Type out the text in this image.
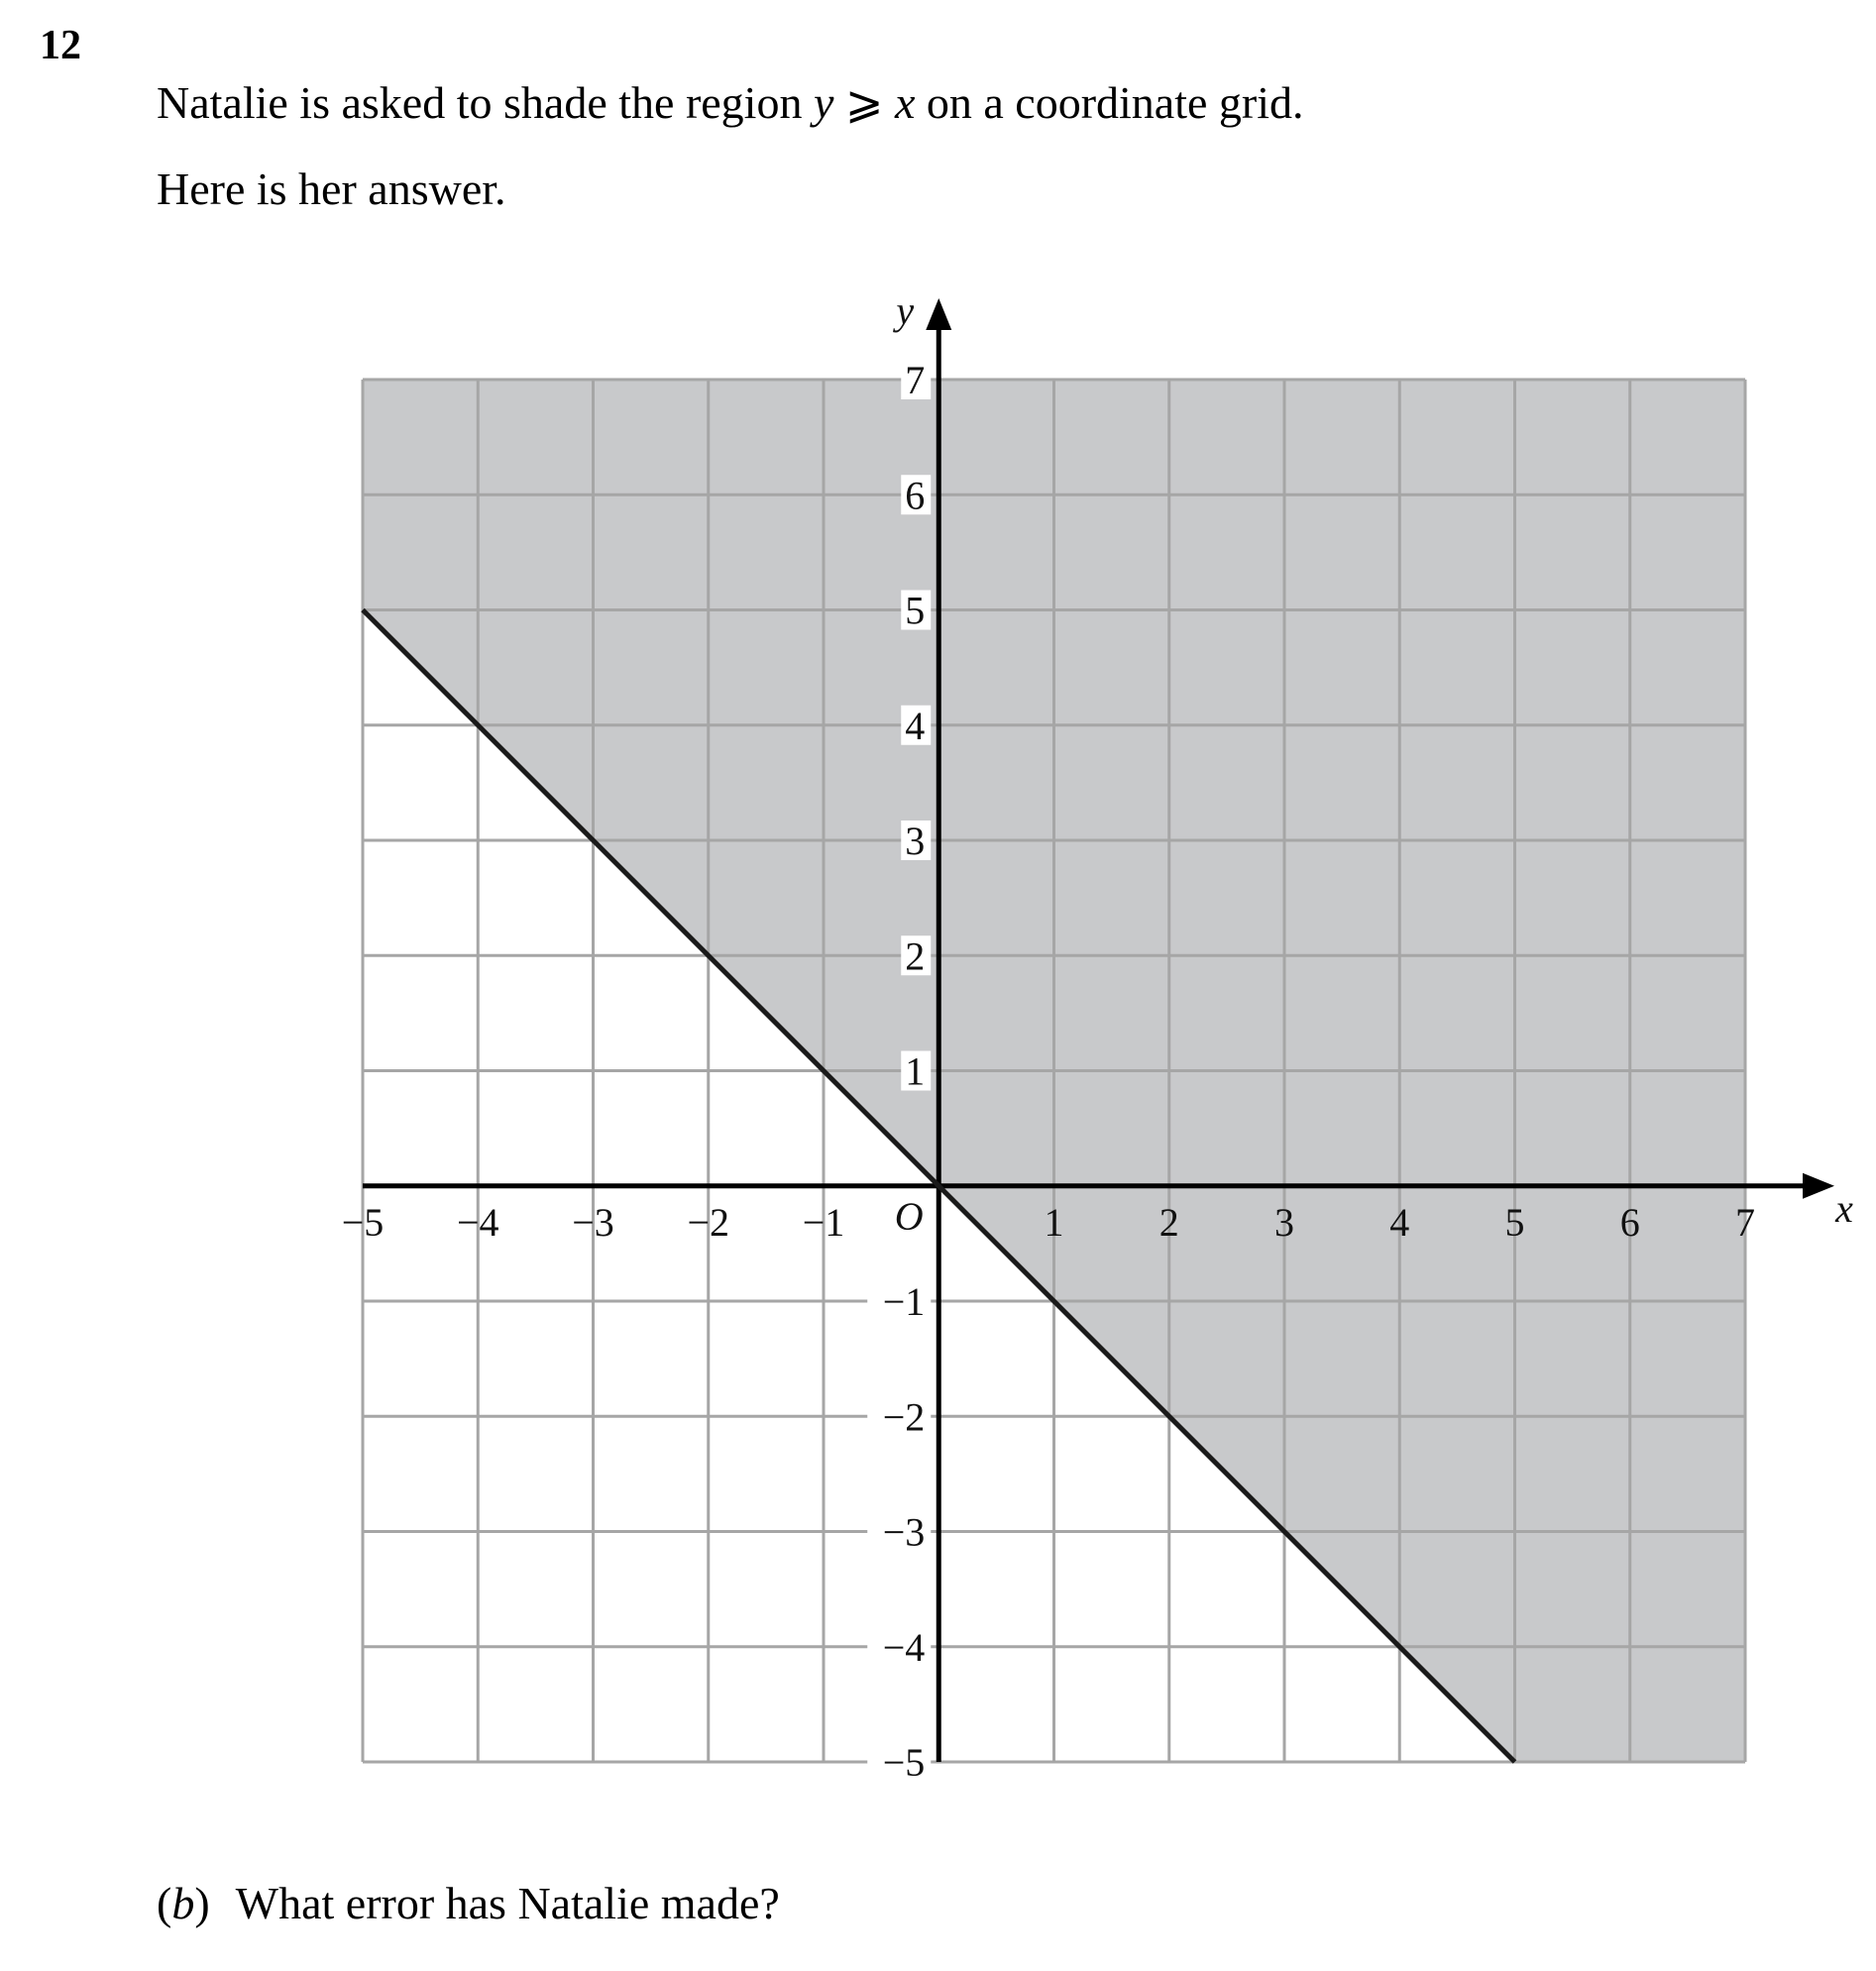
12

Natalie is asked to shade the region y ⩾ x on a coordinate grid.

Here is her answer.

7
6
5
4
3
2
1
−1
−2
−3
−4
−5
−5 −4 −3 −2 −1	1 2 3 4 5 6 7
O	x
y

(b) What error has Natalie made?
